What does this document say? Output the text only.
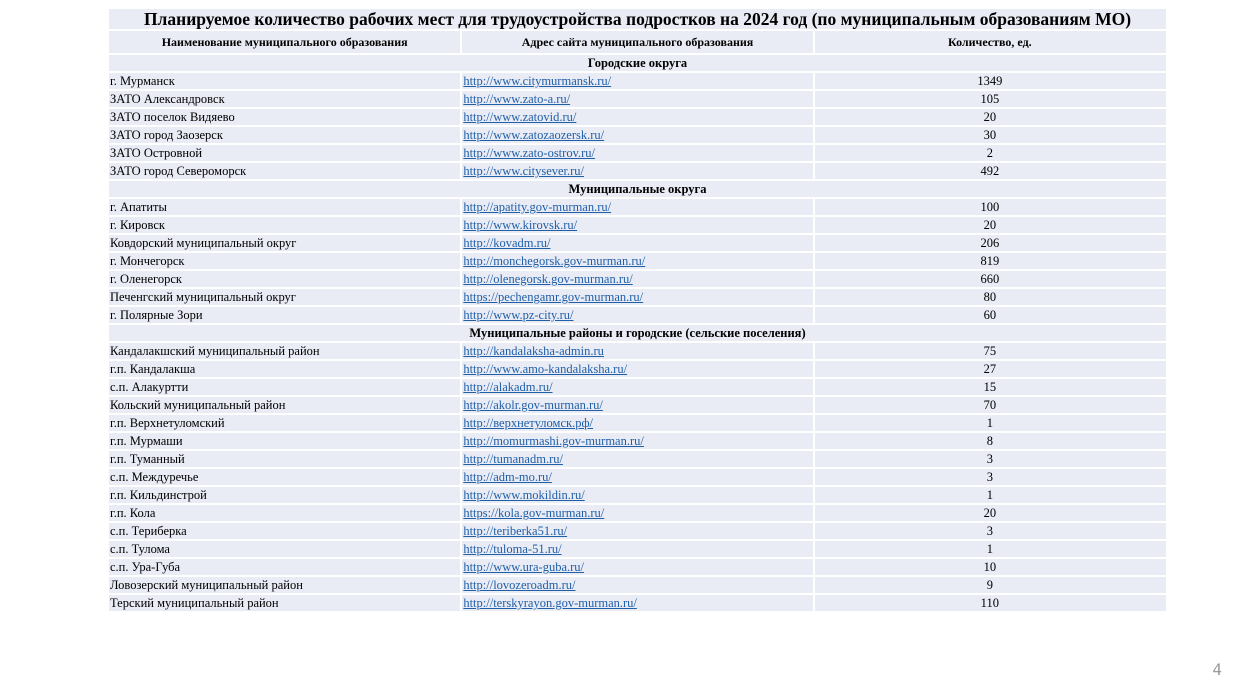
Планируемое количество рабочих мест для трудоустройства подростков на 2024 год (по муниципальным образованиям МО)		
Наименование муниципального образования	Адрес сайта муниципального образования	Количество, ед.
Городские округа		
г. Мурманск	http://www.citymurmansk.ru/	1349
ЗАТО Александровск	http://www.zato-a.ru/	105
ЗАТО поселок Видяево	http://www.zatovid.ru/	20
ЗАТО город Заозерск	http://www.zatozaozersk.ru/	30
ЗАТО Островной	http://www.zato-ostrov.ru/	2
ЗАТО город Североморск	http://www.citysever.ru/	492
Муниципальные округа		
г. Апатиты	http://apatity.gov-murman.ru/	100
г. Кировск	http://www.kirovsk.ru/	20
Ковдорский муниципальный округ	http://kovadm.ru/	206
г. Мончегорск	http://monchegorsk.gov-murman.ru/	819
г. Оленегорск	http://olenegorsk.gov-murman.ru/	660
Печенгский муниципальный округ	https://pechengamr.gov-murman.ru/	80
г. Полярные Зори	http://www.pz-city.ru/	60
Муниципальные районы и городские (сельские поселения)		
Кандалакшский муниципальный район	http://kandalaksha-admin.ru	75
г.п. Кандалакша	http://www.amo-kandalaksha.ru/	27
с.п. Алакуртти	http://alakadm.ru/	15
Кольский муниципальный район	http://akolr.gov-murman.ru/	70
г.п. Верхнетуломский	http://верхнетуломск.рф/	1
г.п. Мурмаши	http://momurmashi.gov-murman.ru/	8
г.п. Туманный	http://tumanadm.ru/	3
с.п. Междуречье	http://adm-mo.ru/	3
г.п. Кильдинстрой	http://www.mokildin.ru/	1
г.п. Кола	https://kola.gov-murman.ru/	20
с.п. Териберка	http://teriberka51.ru/	3
с.п. Тулома	http://tuloma-51.ru/	1
с.п. Ура-Губа	http://www.ura-guba.ru/	10
Ловозерский муниципальный район	http://lovozeroadm.ru/	9
Терский муниципальный район	http://terskyrayon.gov-murman.ru/	110
4
